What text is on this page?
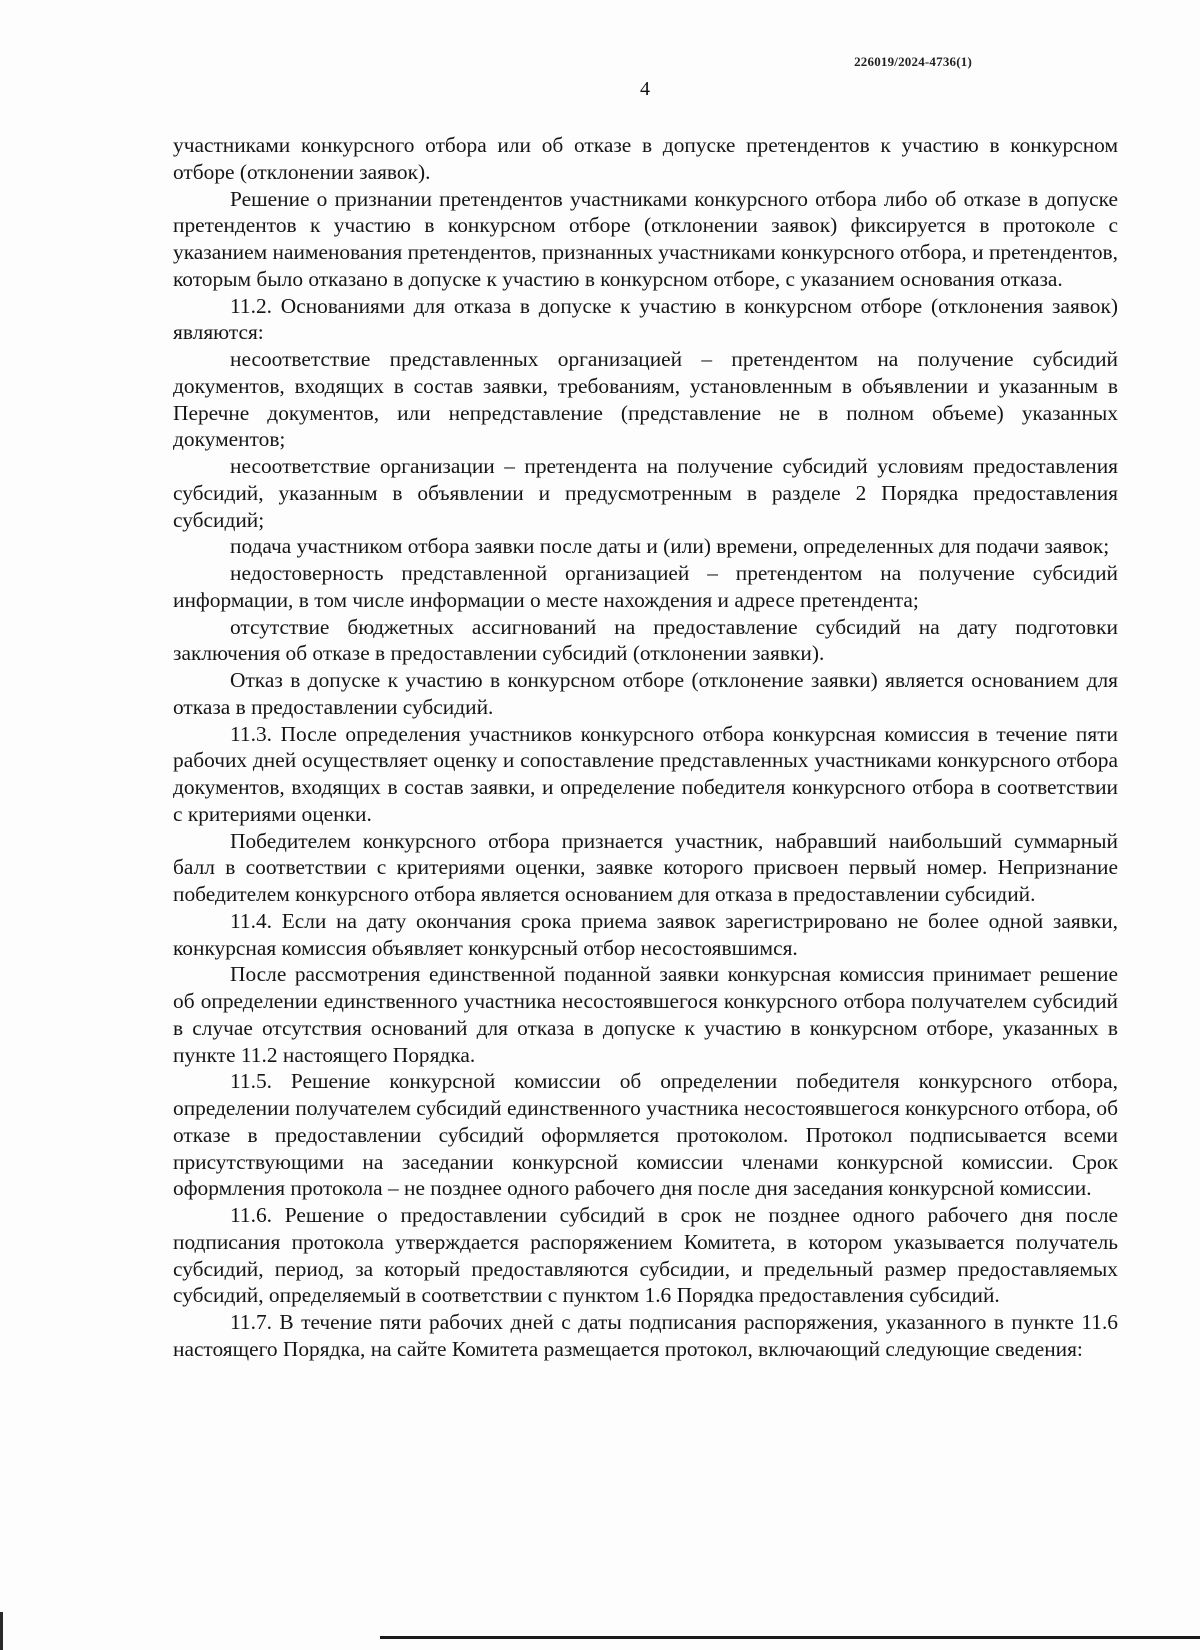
226019/2024-4736(1)
4

участниками конкурсного отбора или об отказе в допуске претендентов к участию в конкурсном отборе (отклонении заявок).

Решение о признании претендентов участниками конкурсного отбора либо об отказе в допуске претендентов к участию в конкурсном отборе (отклонении заявок) фиксируется в протоколе с указанием наименования претендентов, признанных участниками конкурсного отбора, и претендентов, которым было отказано в допуске к участию в конкурсном отборе, с указанием основания отказа.

11.2. Основаниями для отказа в допуске к участию в конкурсном отборе (отклонения заявок) являются:

несоответствие представленных организацией – претендентом на получение субсидий документов, входящих в состав заявки, требованиям, установленным в объявлении и указанным в Перечне документов, или непредставление (представление не в полном объеме) указанных документов;

несоответствие организации – претендента на получение субсидий условиям предоставления субсидий, указанным в объявлении и предусмотренным в разделе 2 Порядка предоставления субсидий;

подача участником отбора заявки после даты и (или) времени, определенных для подачи заявок;

недостоверность представленной организацией – претендентом на получение субсидий информации, в том числе информации о месте нахождения и адресе претендента;

отсутствие бюджетных ассигнований на предоставление субсидий на дату подготовки заключения об отказе в предоставлении субсидий (отклонении заявки).

Отказ в допуске к участию в конкурсном отборе (отклонение заявки) является основанием для отказа в предоставлении субсидий.

11.3. После определения участников конкурсного отбора конкурсная комиссия в течение пяти рабочих дней осуществляет оценку и сопоставление представленных участниками конкурсного отбора документов, входящих в состав заявки, и определение победителя конкурсного отбора в соответствии с критериями оценки.

Победителем конкурсного отбора признается участник, набравший наибольший суммарный балл в соответствии с критериями оценки, заявке которого присвоен первый номер. Непризнание победителем конкурсного отбора является основанием для отказа в предоставлении субсидий.

11.4. Если на дату окончания срока приема заявок зарегистрировано не более одной заявки, конкурсная комиссия объявляет конкурсный отбор несостоявшимся.

После рассмотрения единственной поданной заявки конкурсная комиссия принимает решение об определении единственного участника несостоявшегося конкурсного отбора получателем субсидий в случае отсутствия оснований для отказа в допуске к участию в конкурсном отборе, указанных в пункте 11.2 настоящего Порядка.

11.5. Решение конкурсной комиссии об определении победителя конкурсного отбора, определении получателем субсидий единственного участника несостоявшегося конкурсного отбора, об отказе в предоставлении субсидий оформляется протоколом. Протокол подписывается всеми присутствующими на заседании конкурсной комиссии членами конкурсной комиссии. Срок оформления протокола – не позднее одного рабочего дня после дня заседания конкурсной комиссии.

11.6. Решение о предоставлении субсидий в срок не позднее одного рабочего дня после подписания протокола утверждается распоряжением Комитета, в котором указывается получатель субсидий, период, за который предоставляются субсидии, и предельный размер предоставляемых субсидий, определяемый в соответствии с пунктом 1.6 Порядка предоставления субсидий.

11.7. В течение пяти рабочих дней с даты подписания распоряжения, указанного в пункте 11.6 настоящего Порядка, на сайте Комитета размещается протокол, включающий следующие сведения:
